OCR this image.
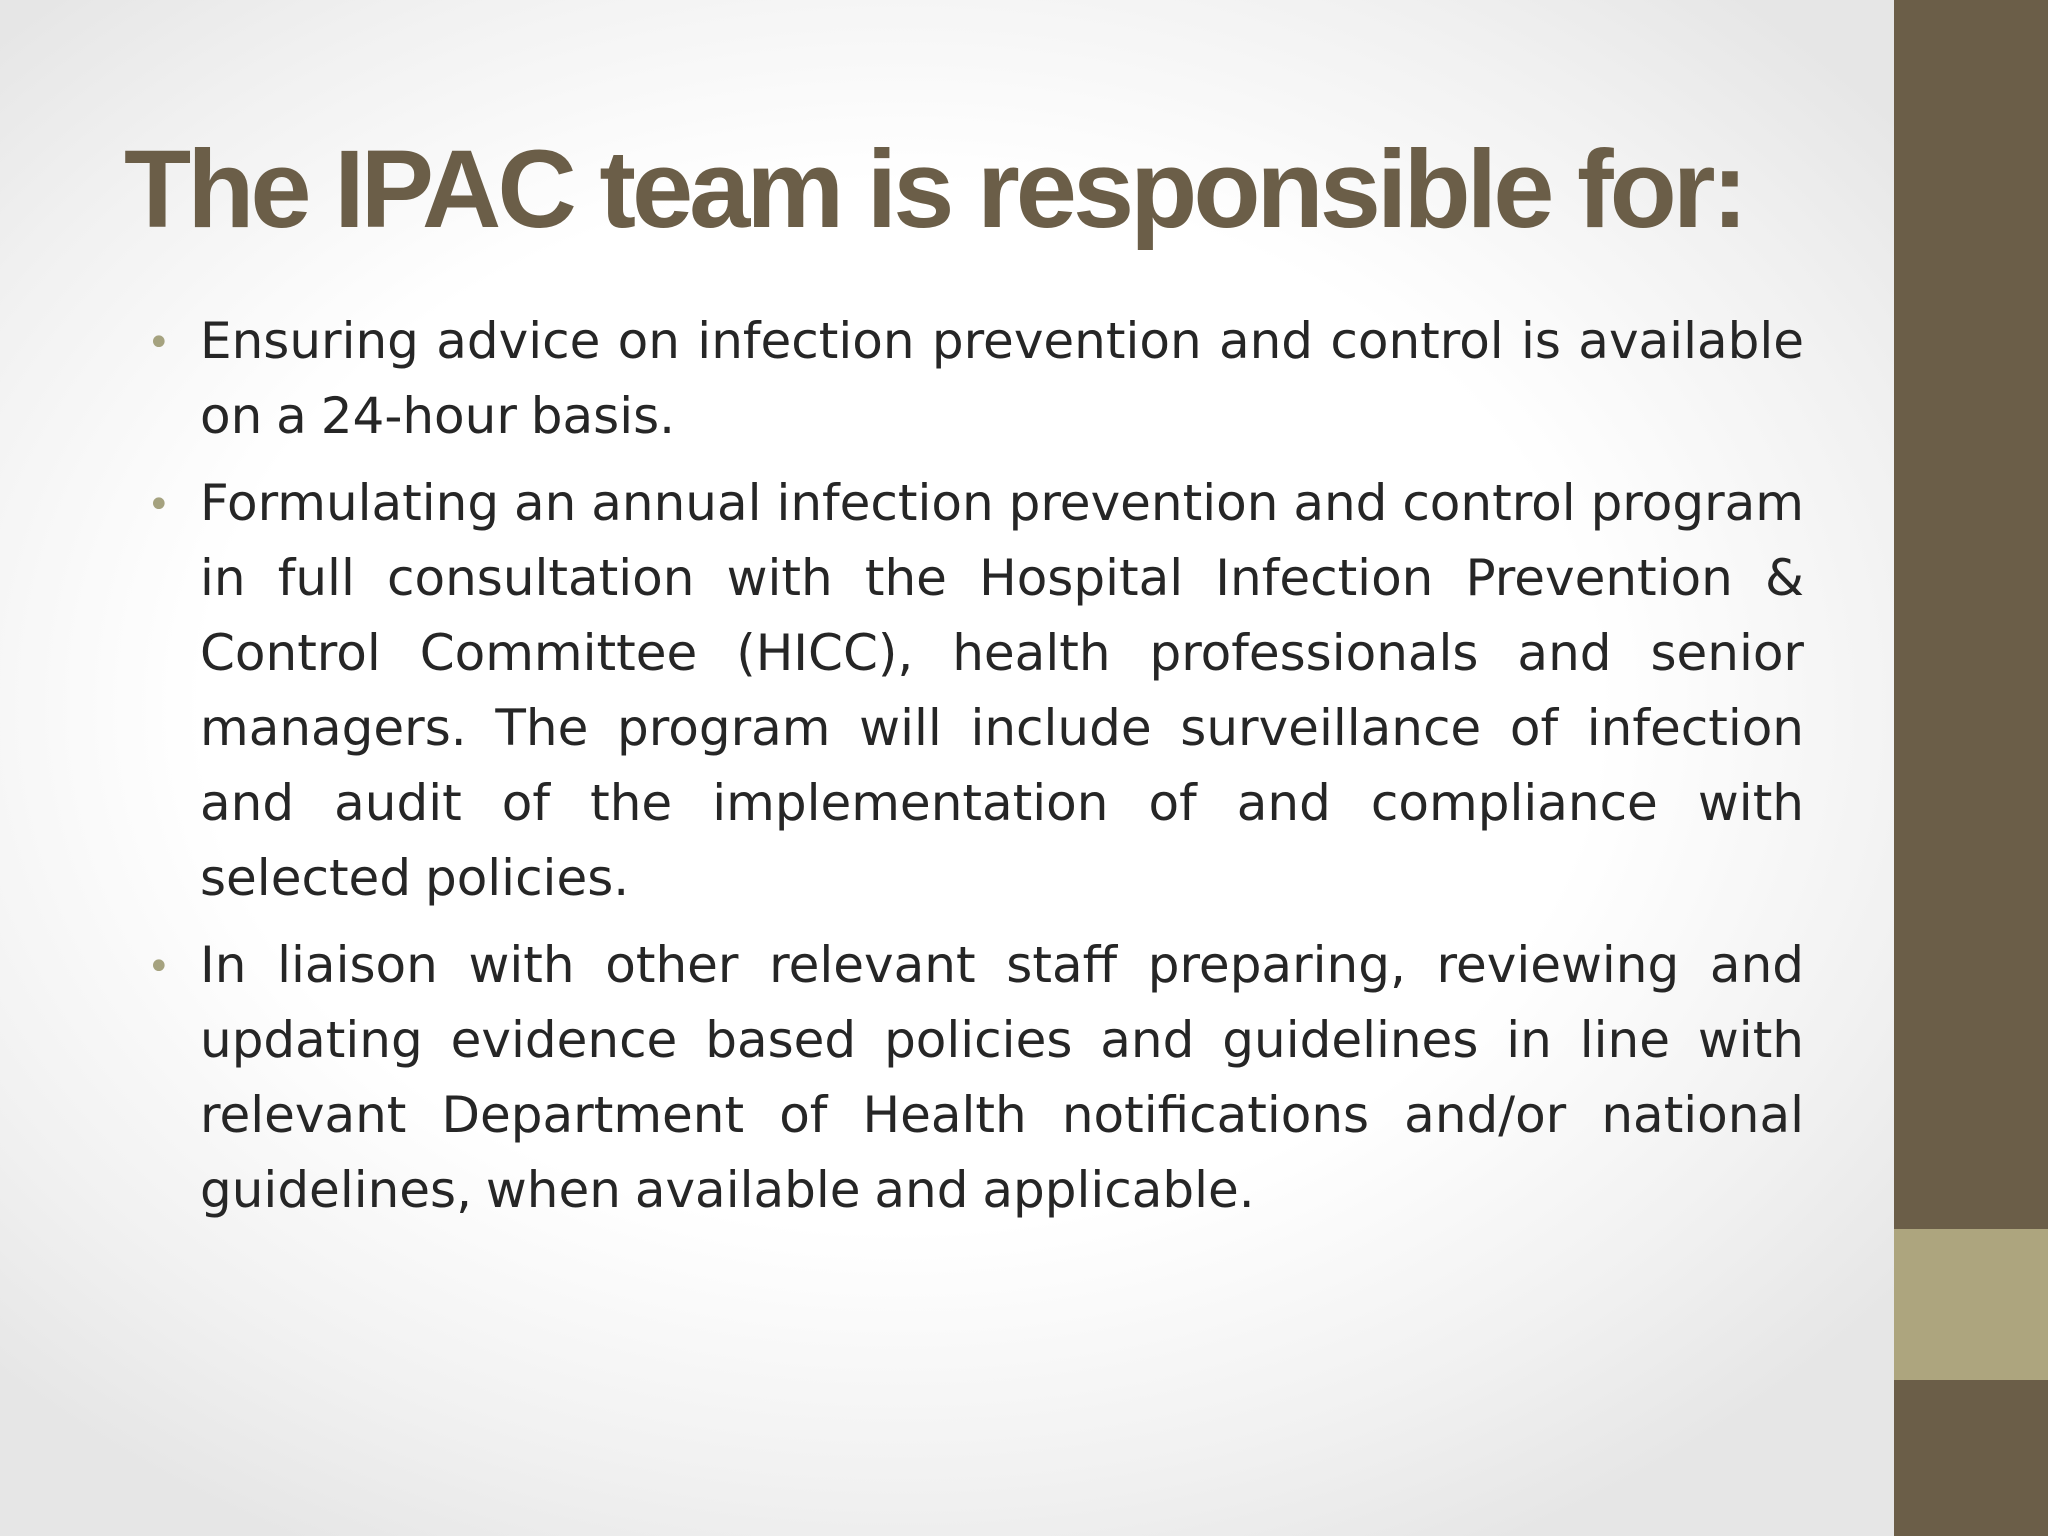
The IPAC team is responsible for:
• Ensuring advice on infection prevention and control is available on a 24-hour basis.
• Formulating an annual infection prevention and control program in full consultation with the Hospital Infection Prevention & Control Committee (HICC), health professionals and senior managers. The program will include surveillance of infection and audit of the implementation of and compliance with selected policies.
• In liaison with other relevant staff preparing, reviewing and updating evidence based policies and guidelines in line with relevant Department of Health notifications and/or national guidelines, when available and applicable.
